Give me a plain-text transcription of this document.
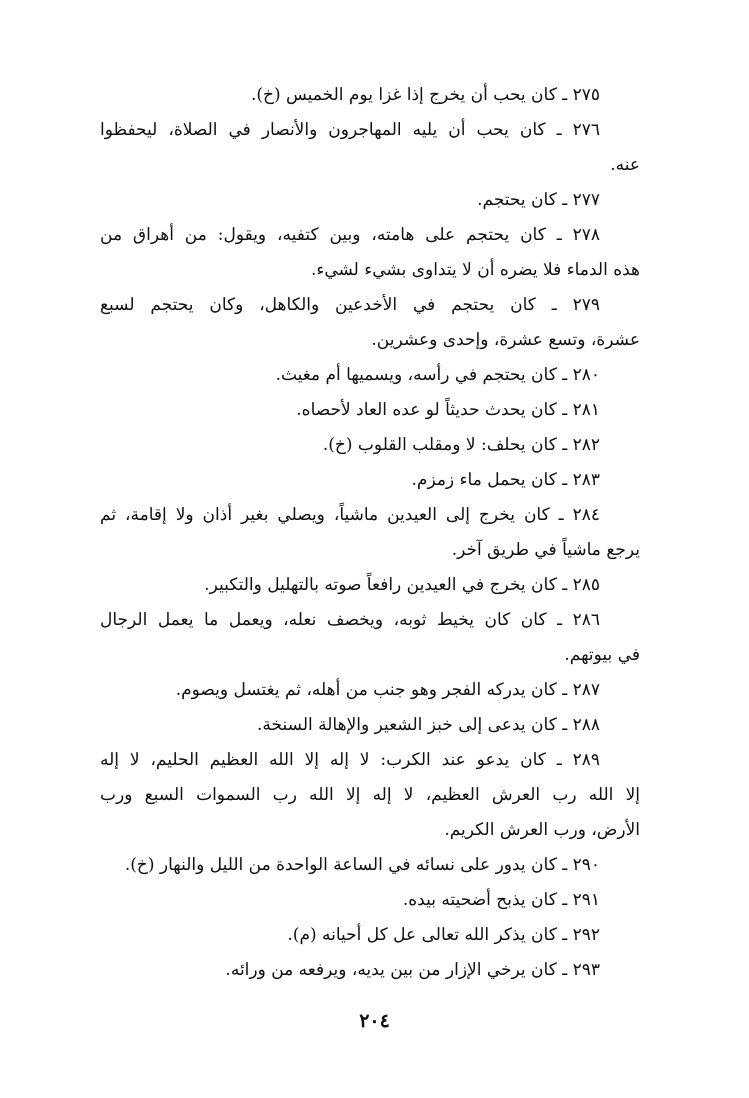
٢٧٥ ـ كان يحب أن يخرج إذا غزا يوم الخميس (خ).
٢٧٦ ـ كان يحب أن يليه المهاجرون والأنصار في الصلاة، ليحفظوا
عنه.
٢٧٧ ـ كان يحتجم.
٢٧٨ ـ كان يحتجم على هامته، وبين كتفيه، ويقول: من أهراق من
هذه الدماء فلا يضره أن لا يتداوى بشيء لشيء.
٢٧٩ ـ كان يحتجم في الأخدعين والكاهل، وكان يحتجم لسبع
عشرة، وتسع عشرة، وإحدى وعشرين.
٢٨٠ ـ كان يحتجم في رأسه، ويسميها أم مغيث.
٢٨١ ـ كان يحدث حديثاً لو عده العاد لأحصاه.
٢٨٢ ـ كان يحلف: لا ومقلب القلوب (خ).
٢٨٣ ـ كان يحمل ماء زمزم.
٢٨٤ ـ كان يخرج إلى العيدين ماشياً، ويصلي بغير أذان ولا إقامة، ثم
يرجع ماشياً في طريق آخر.
٢٨٥ ـ كان يخرج في العيدين رافعاً صوته بالتهليل والتكبير.
٢٨٦ ـ كان كان يخيط ثوبه، ويخصف نعله، ويعمل ما يعمل الرجال
في بيوتهم.
٢٨٧ ـ كان يدركه الفجر وهو جنب من أهله، ثم يغتسل ويصوم.
٢٨٨ ـ كان يدعى إلى خبز الشعير والإهالة السنخة.
٢٨٩ ـ كان يدعو عند الكرب: لا إله إلا الله العظيم الحليم، لا إله
إلا الله رب العرش العظيم، لا إله إلا الله رب السموات السبع ورب
الأرض، ورب العرش الكريم.
٢٩٠ ـ كان يدور على نسائه في الساعة الواحدة من الليل والنهار (خ).
٢٩١ ـ كان يذبح أضحيته بيده.
٢٩٢ ـ كان يذكر الله تعالى عل كل أحيانه (م).
٢٩٣ ـ كان يرخي الإزار من بين يديه، ويرفعه من ورائه.
٢٠٤
